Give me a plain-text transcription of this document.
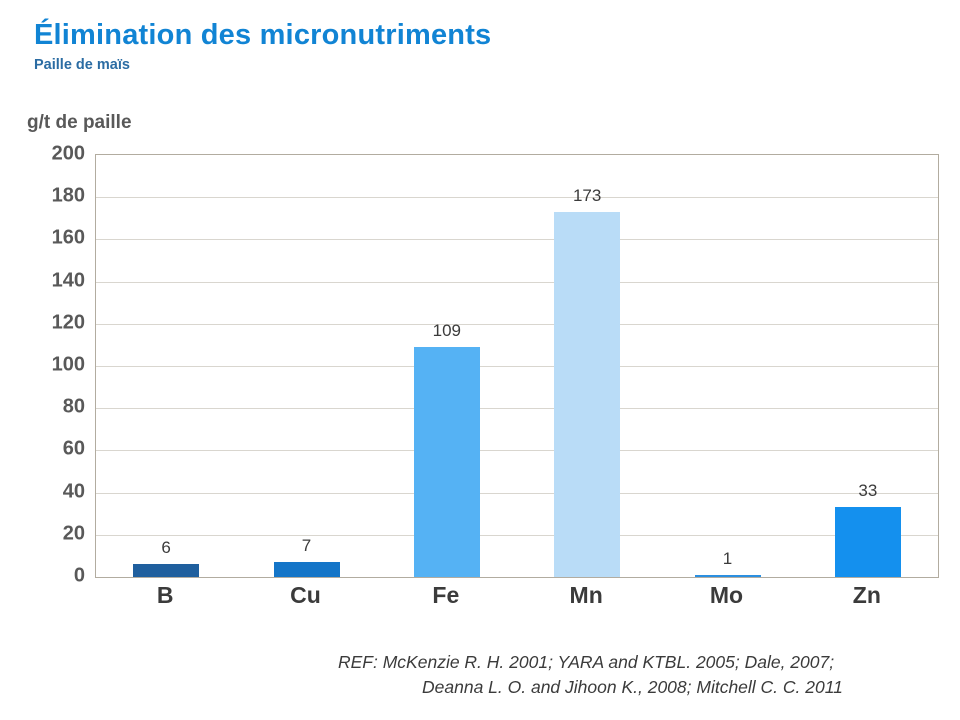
Élimination des micronutriments
Paille de maïs
g/t de paille
200
180
160
140
120
100
80
60
40
20
0
6	7
109
173
1
33
B	Cu	Fe	Mn	Mo	Zn
REF: McKenzie R. H. 2001; YARA and KTBL. 2005; Dale, 2007;
Deanna L. O. and Jihoon K., 2008; Mitchell C. C. 2011
